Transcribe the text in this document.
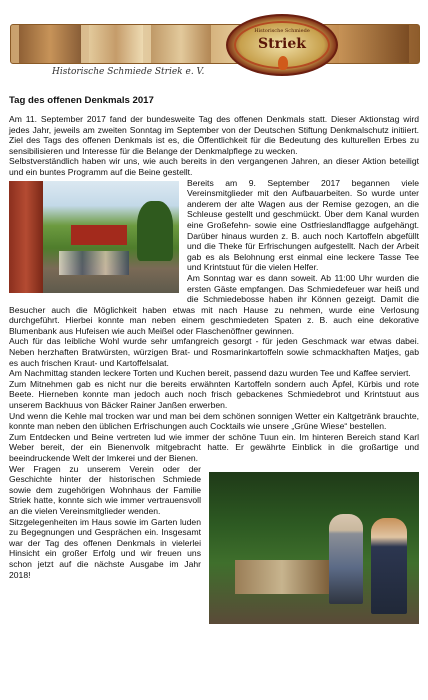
Historische Schmiede
Striek
Historische Schmiede Striek e. V.
Tag des offenen Denkmals 2017

Am 11. September 2017 fand der bundesweite Tag des offenen Denkmals statt. Dieser Aktionstag wird jedes Jahr, jeweils am zweiten Sonntag im September von der Deutschen Stiftung Denkmalschutz initiiert. Ziel des Tags des offenen Denkmals ist es, die Öffentlichkeit für die Bedeutung des kulturellen Erbes zu sensibilisieren und Interesse für die Belange der Denkmalpflege zu wecken.

Selbstverständlich haben wir uns, wie auch bereits in den vergangenen Jahren, an dieser Aktion beteiligt und ein buntes Programm auf die Beine gestellt.

Bereits am 9. September 2017 begannen viele Vereinsmitglieder mit den Aufbauarbeiten. So wurde unter anderem der alte Wagen aus der Remise gezogen, an die Schleuse gestellt und geschmückt. Über dem Kanal wurden eine Großefehn- sowie eine Ostfrieslandflagge aufgehängt. Darüber hinaus wurden z. B. auch noch Kartoffeln abgefüllt und die Theke für Erfrischungen aufgestellt. Nach der Arbeit gab es als Belohnung erst einmal eine leckere Tasse Tee und Krintstuut für die vielen Helfer.

Am Sonntag war es dann soweit. Ab 11:00 Uhr wurden die ersten Gäste empfangen. Das Schmiedefeuer war heiß und die Schmiedebosse haben ihr Können gezeigt. Damit die Besucher auch die Möglichkeit haben etwas mit nach Hause zu nehmen, wurde eine Verlosung durchgeführt. Hierbei konnte man neben einem geschmiedeten Spaten z. B. auch eine dekorative Blumenbank aus Hufeisen wie auch Meißel oder Flaschenöffner gewinnen.

Auch für das leibliche Wohl wurde sehr umfangreich gesorgt - für jeden Geschmack war etwas dabei. Neben herzhaften Bratwürsten, würzigen Brat- und Rosmarinkartoffeln sowie schmackhaften Matjes, gab es auch frischen Kraut- und Kartoffelsalat.

Am Nachmittag standen leckere Torten und Kuchen bereit, passend dazu wurden Tee und Kaffee serviert.

Zum Mitnehmen gab es nicht nur die bereits erwähnten Kartoffeln sondern auch Äpfel, Kürbis und rote Beete. Hierneben konnte man jedoch auch noch frisch gebackenes Schmiedebrot und Krintstuut aus unserem Backhuus von Bäcker Rainer Janßen erwerben.

Und wenn die Kehle mal trocken war und man bei dem schönen sonnigen Wetter ein Kaltgetränk brauchte, konnte man neben den üblichen Erfrischungen auch Cocktails wie unsere „Grüne Wiese“ bestellen.

Zum Entdecken und Beine vertreten lud wie immer der schöne Tuun ein. Im hinteren Bereich stand Karl Weber bereit, der ein Bienenvolk mitgebracht hatte. Er gewährte Einblick in die großartige und beeindruckende Welt der Imkerei und der Bienen.

Wer Fragen zu unserem Verein oder der Geschichte hinter der historischen Schmiede sowie dem zugehörigen Wohnhaus der Familie Striek hatte, konnte sich wie immer vertrauensvoll an die vielen Vereinsmitglieder wenden.

Sitzgelegenheiten im Haus sowie im Garten luden zu Begegnungen und Gesprächen ein. Insgesamt war der Tag des offenen Denkmals in vielerlei Hinsicht ein großer Erfolg und wir freuen uns schon jetzt auf die nächste Ausgabe im Jahr 2018!
